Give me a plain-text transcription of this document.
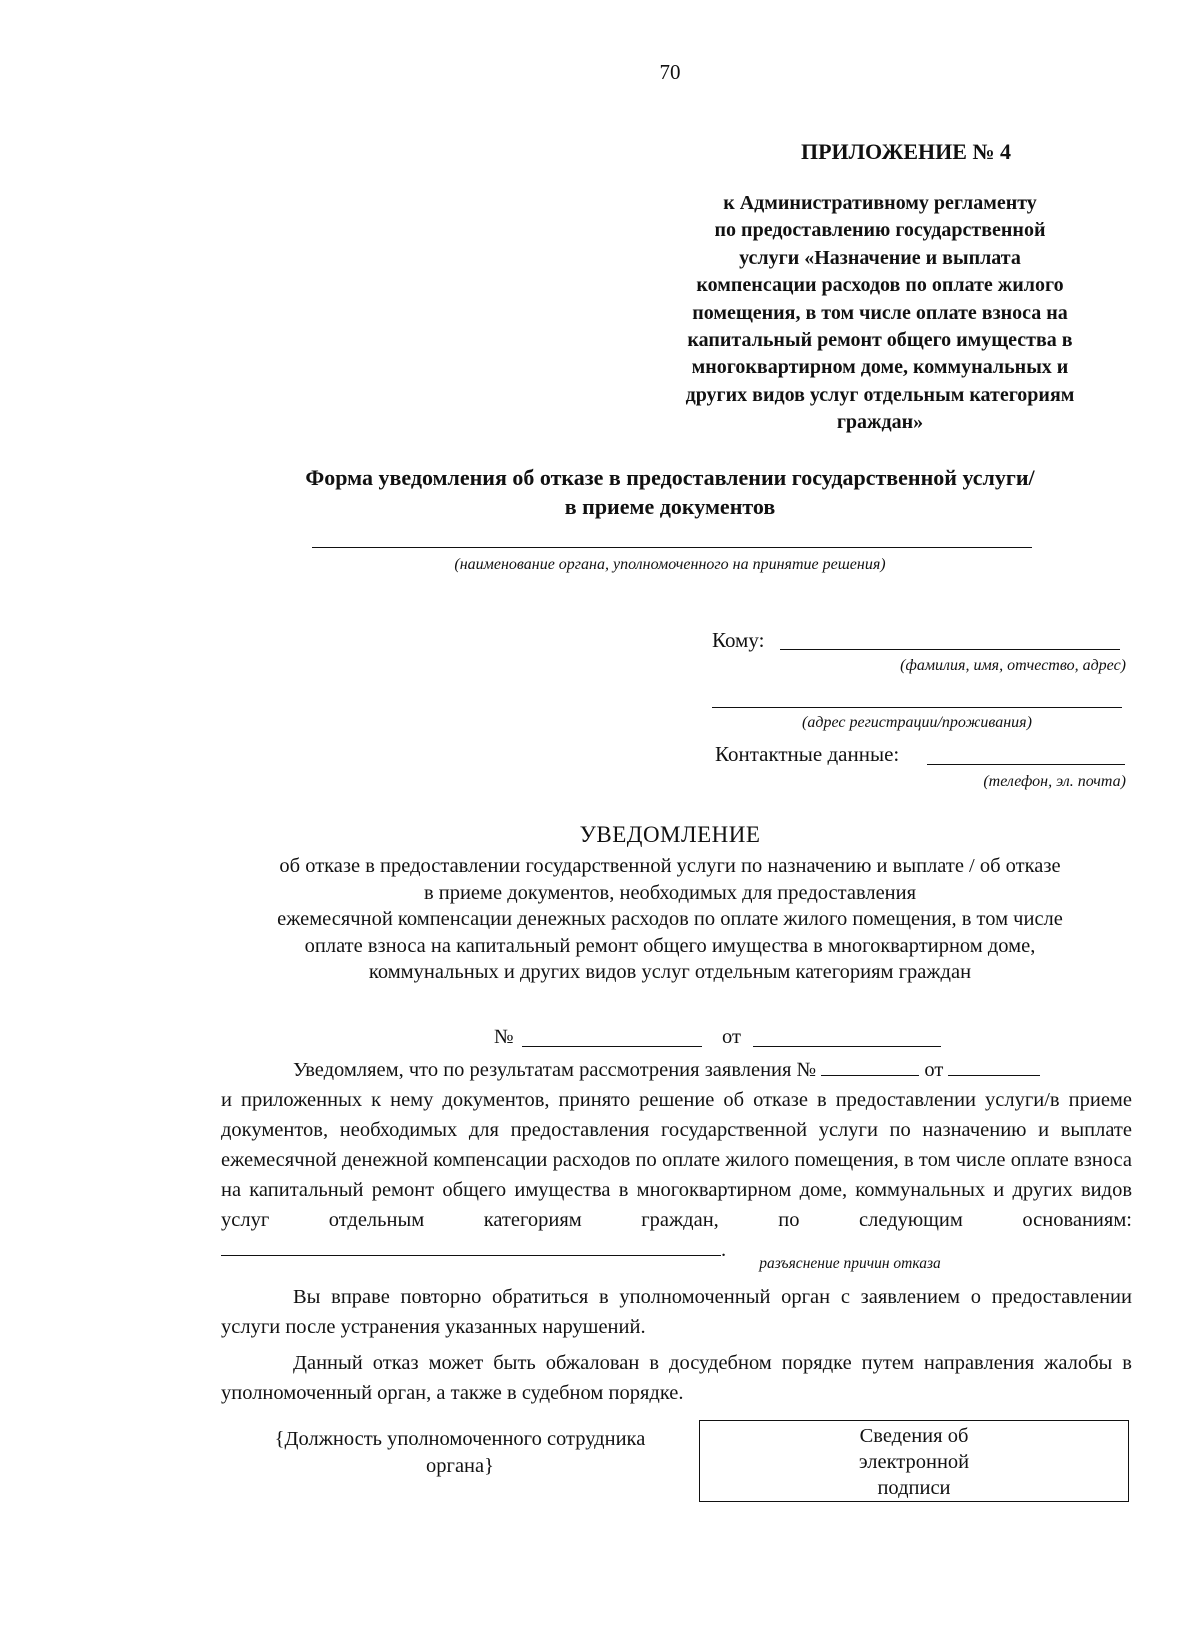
70
ПРИЛОЖЕНИЕ № 4
к Административному регламенту
по предоставлению государственной
услуги «Назначение и выплата
компенсации расходов по оплате жилого
помещения, в том числе оплате взноса на
капитальный ремонт общего имущества в
многоквартирном доме, коммунальных и
других видов услуг отдельным категориям
граждан»
Форма уведомления об отказе в предоставлении государственной услуги/
в приеме документов
(наименование органа, уполномоченного на принятие решения)
Кому:
(фамилия, имя, отчество, адрес)
(адрес регистрации/проживания)
Контактные данные:
(телефон, эл. почта)
УВЕДОМЛЕНИЕ
об отказе в предоставлении государственной услуги по назначению и выплате / об отказе
в приеме документов, необходимых для предоставления
ежемесячной компенсации денежных расходов по оплате жилого помещения, в том числе
оплате взноса на капитальный ремонт общего имущества в многоквартирном доме,
коммунальных и других видов услуг отдельным категориям граждан
№	от

Уведомляем, что по результатам рассмотрения заявления №	от

и приложенных к нему документов, принято решение об отказе в предоставлении услуги/в приеме документов, необходимых для предоставления государственной услуги по назначению и выплате ежемесячной денежной компенсации расходов по оплате жилого помещения, в том числе оплате взноса на капитальный ремонт общего имущества в многоквартирном доме, коммунальных и других видов услуг отдельным категориям граждан, по следующим основаниям: .

разъяснение причин отказа

Вы вправе повторно обратиться в уполномоченный орган с заявлением о предоставлении услуги после устранения указанных нарушений.

Данный отказ может быть обжалован в досудебном порядке путем направления жалобы в уполномоченный орган, а также в судебном порядке.

{Должность уполномоченного сотрудника
органа}
Сведения об
электронной
подписи
